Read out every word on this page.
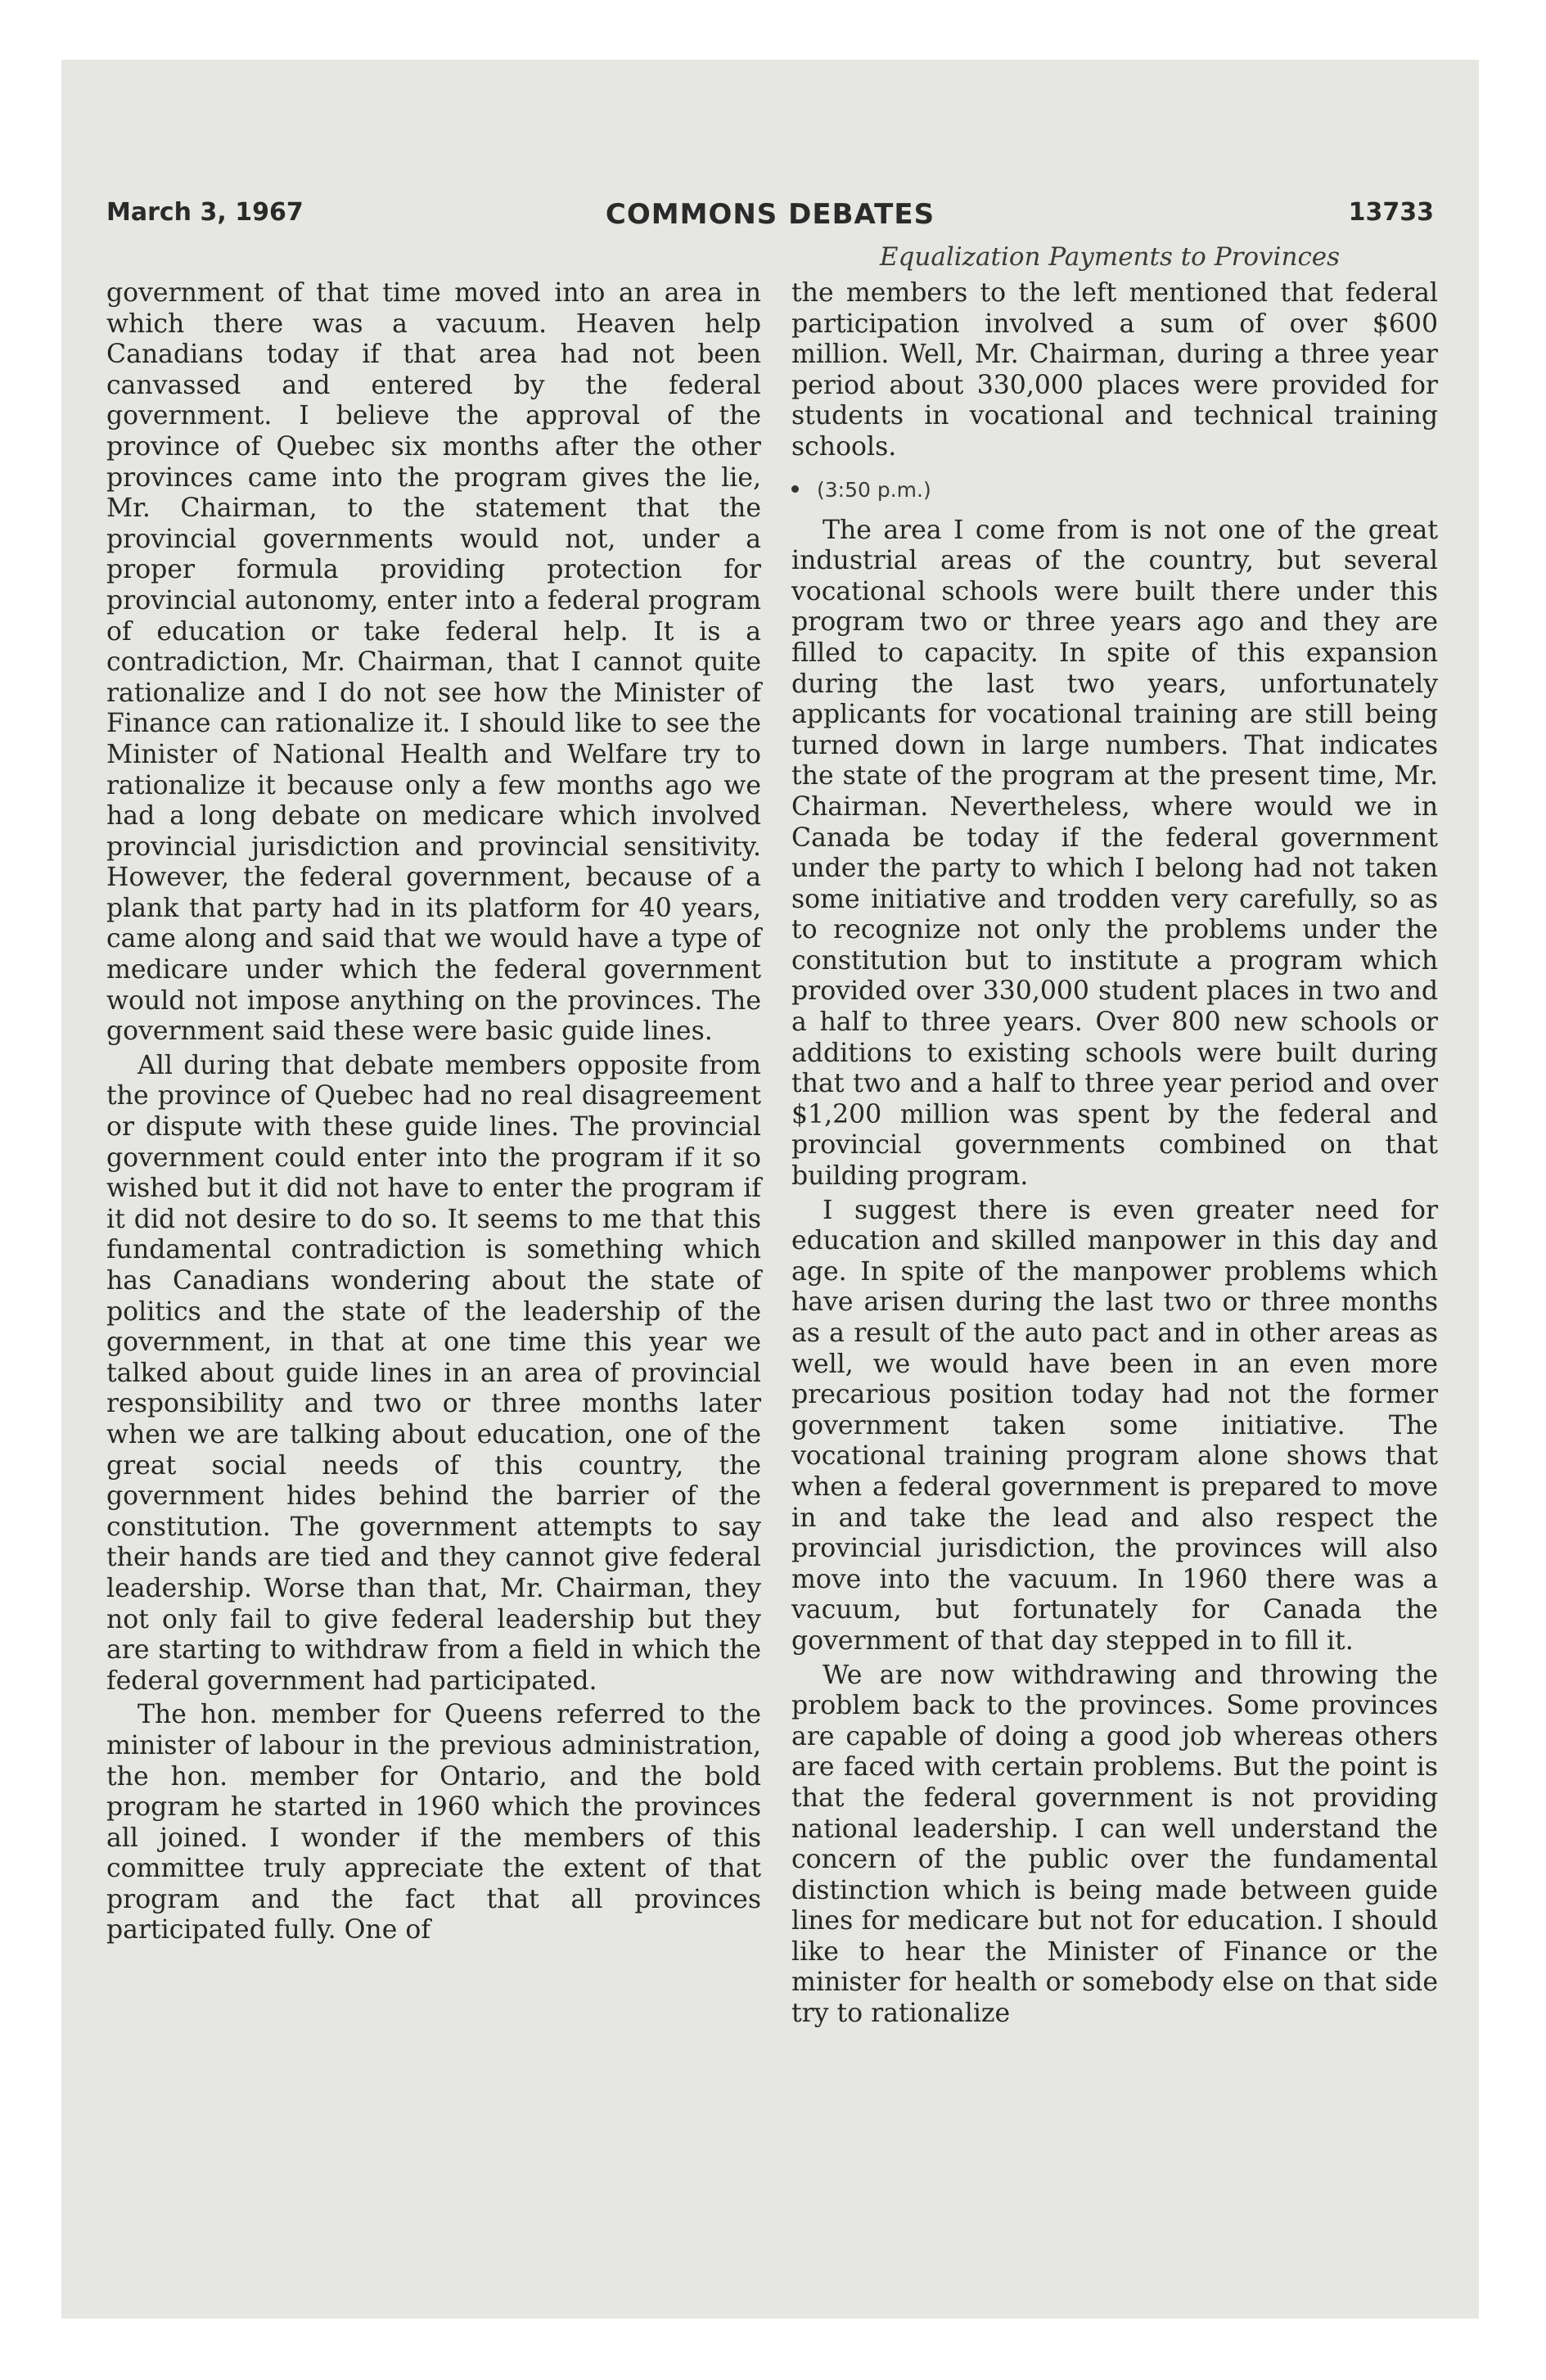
March 3, 1967	COMMONS DEBATES	13733
Equalization Payments to Provinces

government of that time moved into an area in which there was a vacuum. Heaven help Canadians today if that area had not been canvassed and entered by the federal government. I believe the approval of the province of Quebec six months after the other provinces came into the program gives the lie, Mr. Chairman, to the statement that the provincial governments would not, under a proper formula providing protection for provincial autonomy, enter into a federal program of education or take federal help. It is a contradiction, Mr. Chairman, that I cannot quite rationalize and I do not see how the Minister of Finance can rationalize it. I should like to see the Minister of National Health and Welfare try to rationalize it because only a few months ago we had a long debate on medicare which involved provincial jurisdiction and provincial sensitivity. However, the federal government, because of a plank that party had in its platform for 40 years, came along and said that we would have a type of medicare under which the federal government would not impose anything on the provinces. The government said these were basic guide lines.

All during that debate members opposite from the province of Quebec had no real disagreement or dispute with these guide lines. The provincial government could enter into the program if it so wished but it did not have to enter the program if it did not desire to do so. It seems to me that this fundamental contradiction is something which has Canadians wondering about the state of politics and the state of the leadership of the government, in that at one time this year we talked about guide lines in an area of provincial responsibility and two or three months later when we are talking about education, one of the great social needs of this country, the government hides behind the barrier of the constitution. The government attempts to say their hands are tied and they cannot give federal leadership. Worse than that, Mr. Chairman, they not only fail to give federal leadership but they are starting to withdraw from a field in which the federal government had participated.

The hon. member for Queens referred to the minister of labour in the previous administration, the hon. member for Ontario, and the bold program he started in 1960 which the provinces all joined. I wonder if the members of this committee truly appreciate the extent of that program and the fact that all provinces participated fully. One of

the members to the left mentioned that federal participation involved a sum of over $600 million. Well, Mr. Chairman, during a three year period about 330,000 places were provided for students in vocational and technical training schools.

(3:50 p.m.)

The area I come from is not one of the great industrial areas of the country, but several vocational schools were built there under this program two or three years ago and they are filled to capacity. In spite of this expansion during the last two years, unfortunately applicants for vocational training are still being turned down in large numbers. That indicates the state of the program at the present time, Mr. Chairman. Nevertheless, where would we in Canada be today if the federal government under the party to which I belong had not taken some initiative and trodden very carefully, so as to recognize not only the problems under the constitution but to institute a program which provided over 330,000 student places in two and a half to three years. Over 800 new schools or additions to existing schools were built during that two and a half to three year period and over $1,200 million was spent by the federal and provincial governments combined on that building program.

I suggest there is even greater need for education and skilled manpower in this day and age. In spite of the manpower problems which have arisen during the last two or three months as a result of the auto pact and in other areas as well, we would have been in an even more precarious position today had not the former government taken some initiative. The vocational training program alone shows that when a federal government is prepared to move in and take the lead and also respect the provincial jurisdiction, the provinces will also move into the vacuum. In 1960 there was a vacuum, but fortunately for Canada the government of that day stepped in to fill it.

We are now withdrawing and throwing the problem back to the provinces. Some provinces are capable of doing a good job whereas others are faced with certain problems. But the point is that the federal government is not providing national leadership. I can well understand the concern of the public over the fundamental distinction which is being made between guide lines for medicare but not for education. I should like to hear the Minister of Finance or the minister for health or somebody else on that side try to rationalize
